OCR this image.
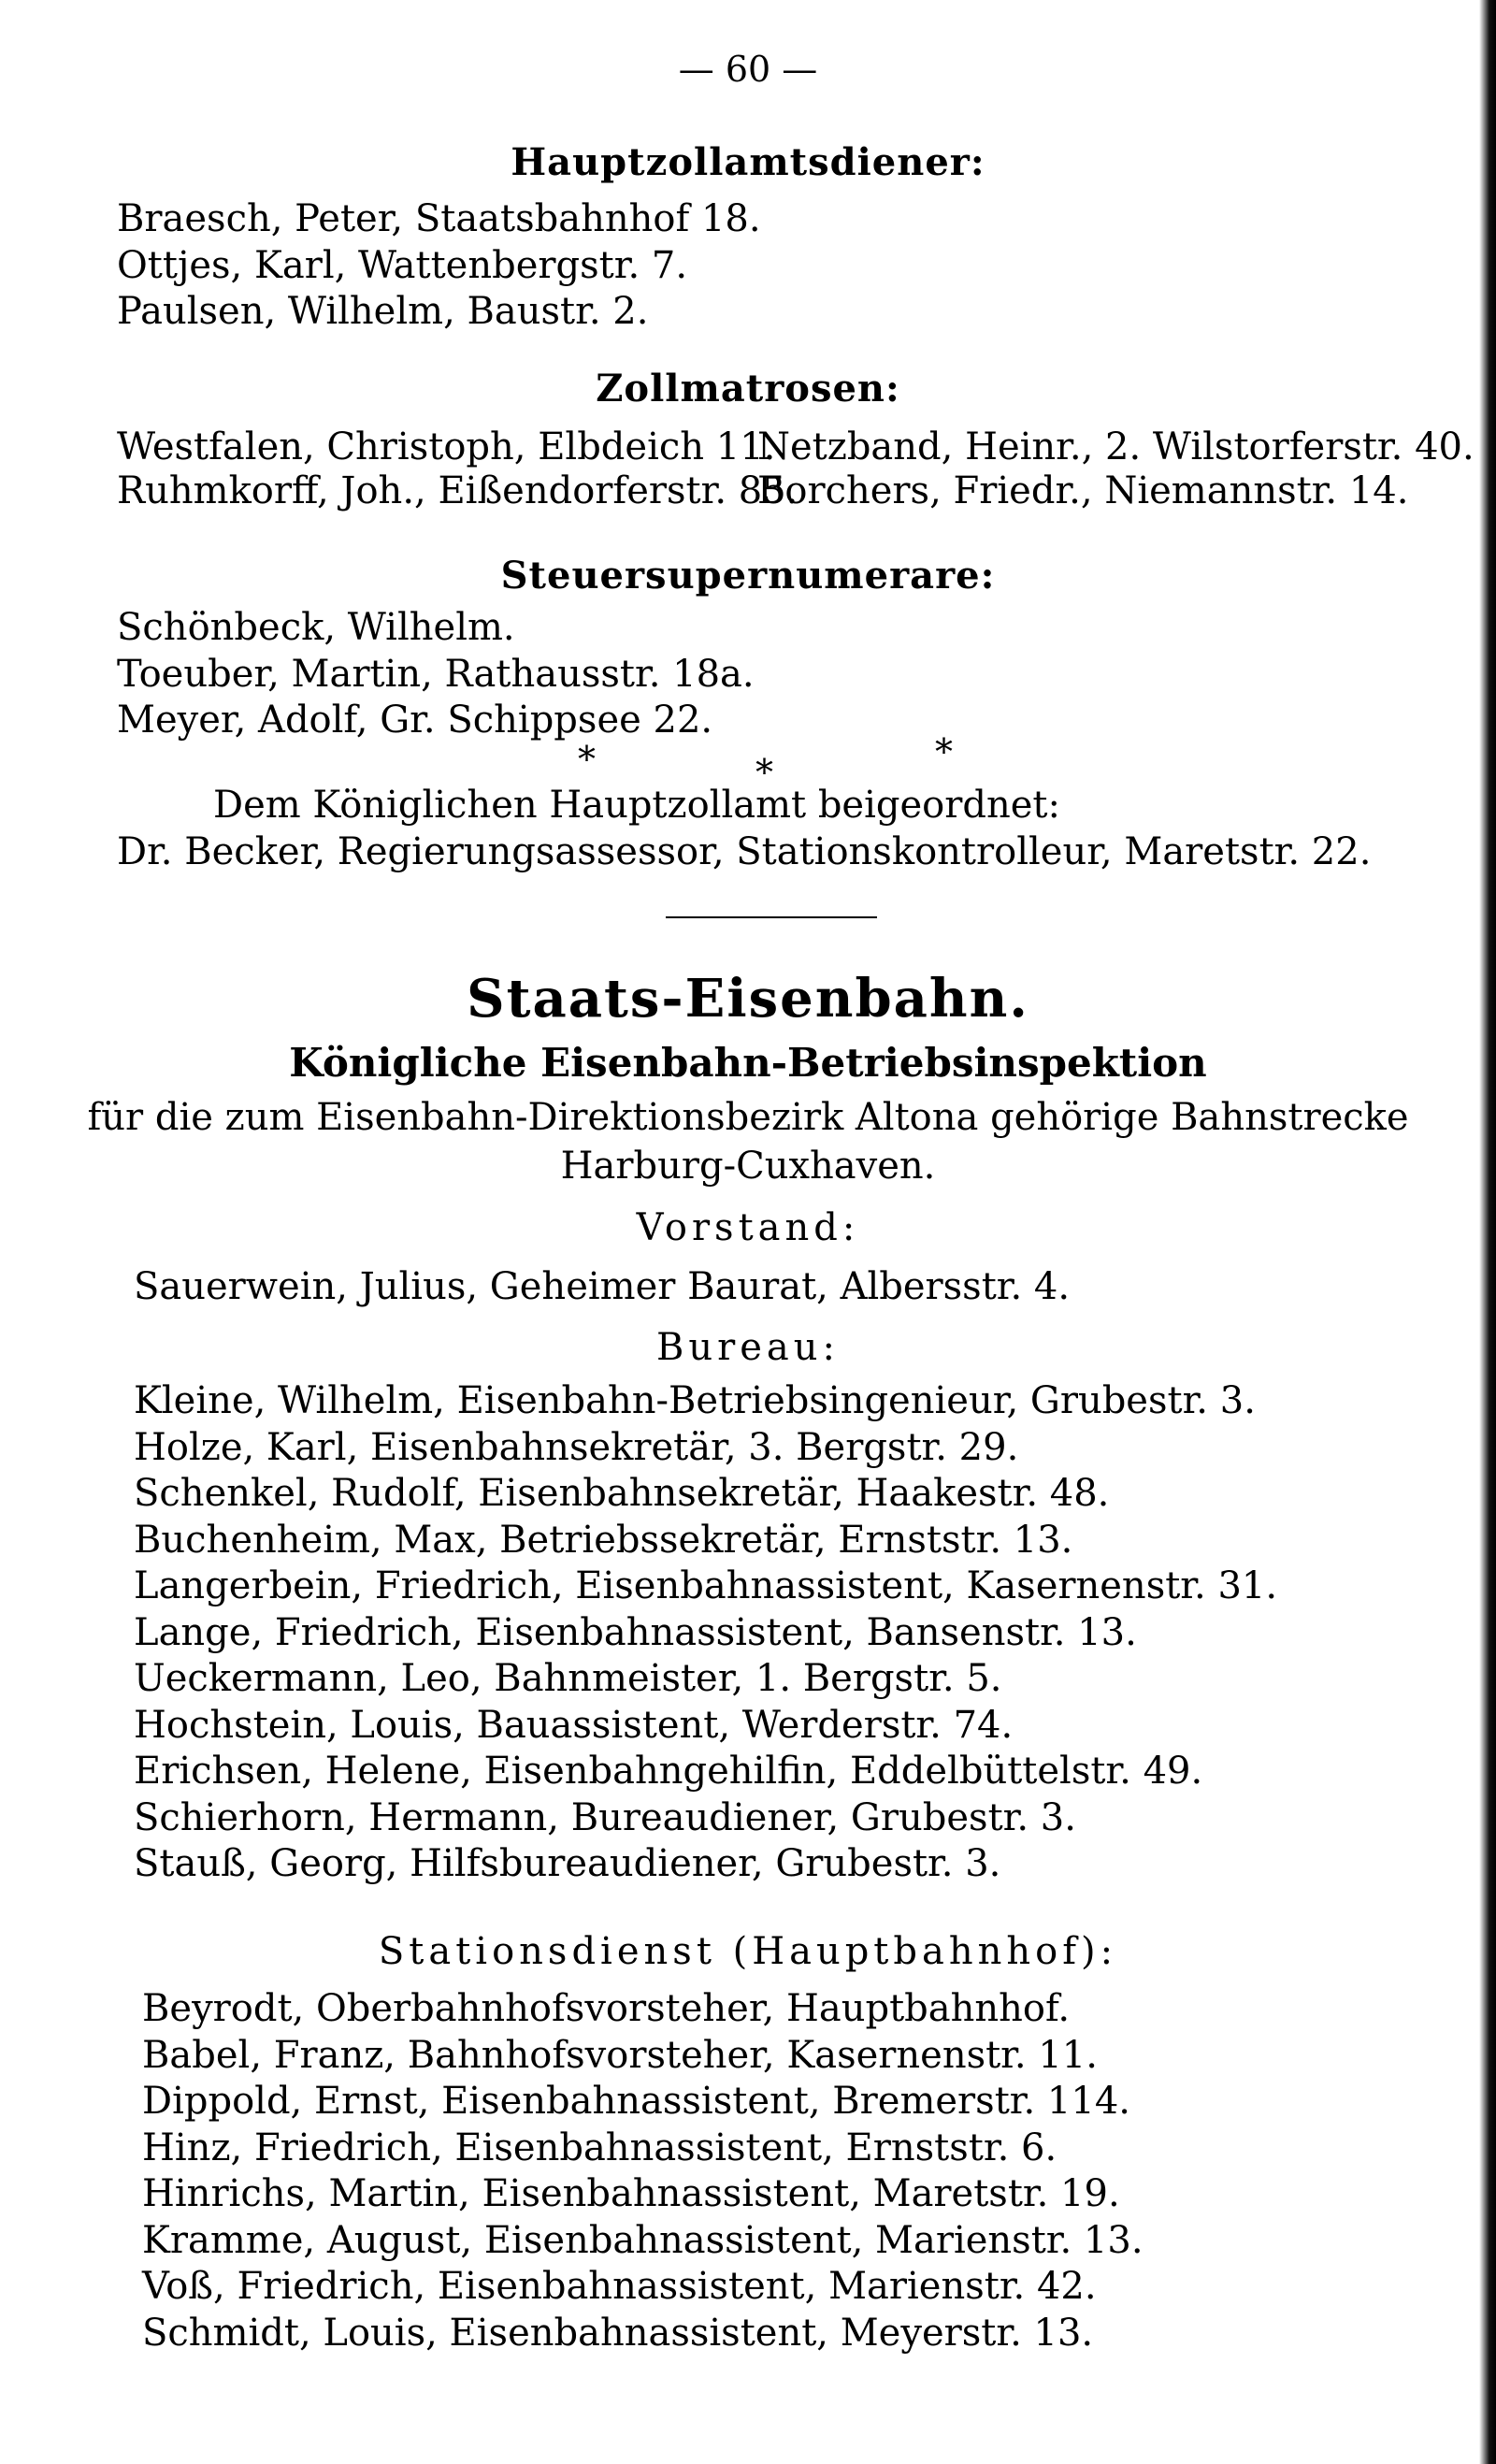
— 60 —
Hauptzollamtsdiener:
Braesch, Peter, Staatsbahnhof 18.
Ottjes, Karl, Wattenbergstr. 7.
Paulsen, Wilhelm, Baustr. 2.
Zollmatrosen:
Westfalen, Christoph, Elbdeich 11.
Netzband, Heinr., 2. Wilstorferstr. 40.
Ruhmkorff, Joh., Eißendorferstr. 85.
Borchers, Friedr., Niemannstr. 14.
Steuersupernumerare:
Schönbeck, Wilhelm.
Toeuber, Martin, Rathausstr. 18a.
Meyer, Adolf, Gr. Schippsee 22.
*	*	*
Dem Königlichen Hauptzollamt beigeordnet:
Dr. Becker, Regierungsassessor, Stationskontrolleur, Maretstr. 22.
Staats-Eisenbahn.
Königliche Eisenbahn-Betriebsinspektion
für die zum Eisenbahn-Direktionsbezirk Altona gehörige Bahnstrecke
Harburg-Cuxhaven.
Vorstand:
Sauerwein, Julius, Geheimer Baurat, Albersstr. 4.
Bureau:
Kleine, Wilhelm, Eisenbahn-Betriebsingenieur, Grubestr. 3.
Holze, Karl, Eisenbahnsekretär, 3. Bergstr. 29.
Schenkel, Rudolf, Eisenbahnsekretär, Haakestr. 48.
Buchenheim, Max, Betriebssekretär, Ernststr. 13.
Langerbein, Friedrich, Eisenbahnassistent, Kasernenstr. 31.
Lange, Friedrich, Eisenbahnassistent, Bansenstr. 13.
Ueckermann, Leo, Bahnmeister, 1. Bergstr. 5.
Hochstein, Louis, Bauassistent, Werderstr. 74.
Erichsen, Helene, Eisenbahngehilfin, Eddelbüttelstr. 49.
Schierhorn, Hermann, Bureaudiener, Grubestr. 3.
Stauß, Georg, Hilfsbureaudiener, Grubestr. 3.
Stationsdienst (Hauptbahnhof):
Beyrodt, Oberbahnhofsvorsteher, Hauptbahnhof.
Babel, Franz, Bahnhofsvorsteher, Kasernenstr. 11.
Dippold, Ernst, Eisenbahnassistent, Bremerstr. 114.
Hinz, Friedrich, Eisenbahnassistent, Ernststr. 6.
Hinrichs, Martin, Eisenbahnassistent, Maretstr. 19.
Kramme, August, Eisenbahnassistent, Marienstr. 13.
Voß, Friedrich, Eisenbahnassistent, Marienstr. 42.
Schmidt, Louis, Eisenbahnassistent, Meyerstr. 13.
